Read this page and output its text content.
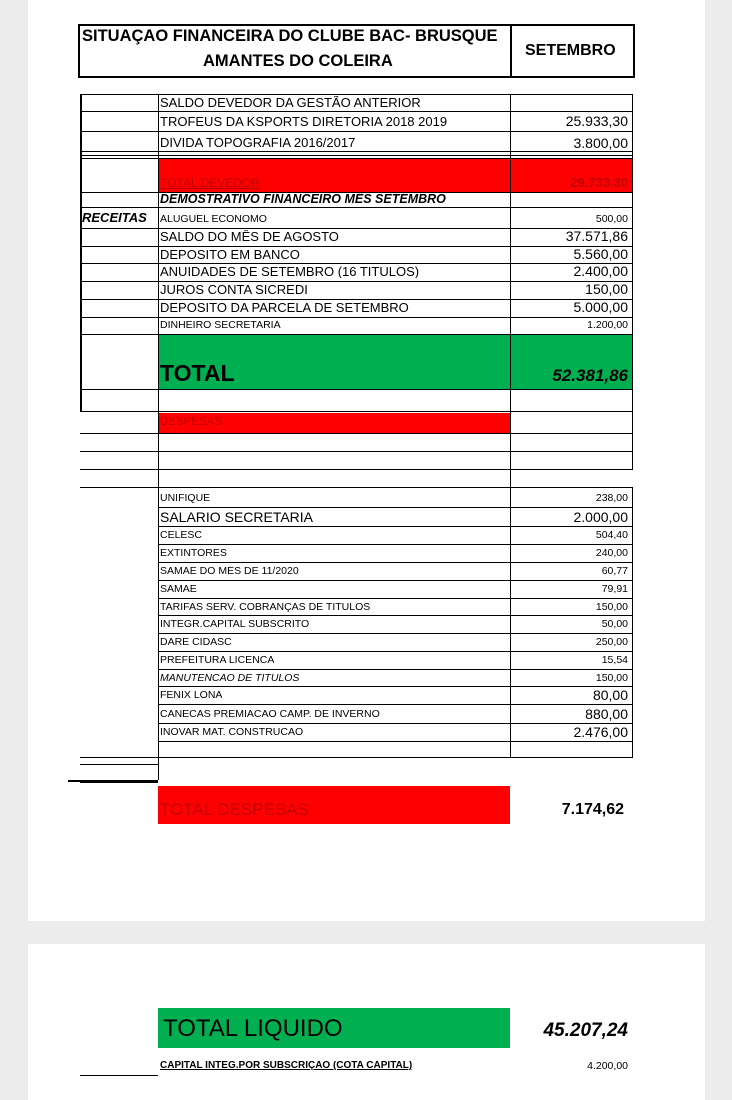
SITUAÇAO FINANCEIRA DO CLUBE BAC- BRUSQUE
AMANTES DO COLEIRA
SETEMBRO
SALDO DEVEDOR DA GESTÃO ANTERIOR
TROFEUS DA KSPORTS DIRETORIA 2018 2019	25.933,30
DIVIDA TOPOGRAFIA 2016/2017	3.800,00
TOTAL DEVEDOR	29.733,30
DEMOSTRATIVO FINANCEIRO MÊS SETEMBRO
RECEITAS ALUGUEL ECONOMO	500,00
SALDO DO MÊS DE AGOSTO	37.571,86
DEPOSITO EM BANCO	5.560,00
ANUIDADES DE SETEMBRO (16 TITULOS)	2.400,00
JUROS CONTA SICREDI	150,00
DEPOSITO DA PARCELA DE SETEMBRO	5.000,00
DINHEIRO SECRETARIA	1.200,00
TOTAL	52.381,86
DESPESAS
UNIFIQUE	238,00
SALARIO SECRETARIA	2.000,00
CELESC	504,40
EXTINTORES	240,00
SAMAE DO MÊS DE 11/2020	60,77
SAMAE	79,91
TARIFAS SERV. COBRANÇAS DE TITULOS	150,00
INTEGR.CAPITAL SUBSCRITO	50,00
DARE CIDASC	250,00
PREFEITURA LICENCA	15,54
MANUTENCÃO DE TITULOS	150,00
FENIX LONA	80,00
CANECAS PREMIACAO CAMP. DE INVERNO	880,00
INOVAR MAT. CONSTRUCAO	2.476,00
TOTAL DESPESAS	7.174,62
TOTAL LIQUIDO	45.207,24
CAPITAL INTEG.POR SUBSCRIÇÃO (COTA CAPITAL)	4.200,00
